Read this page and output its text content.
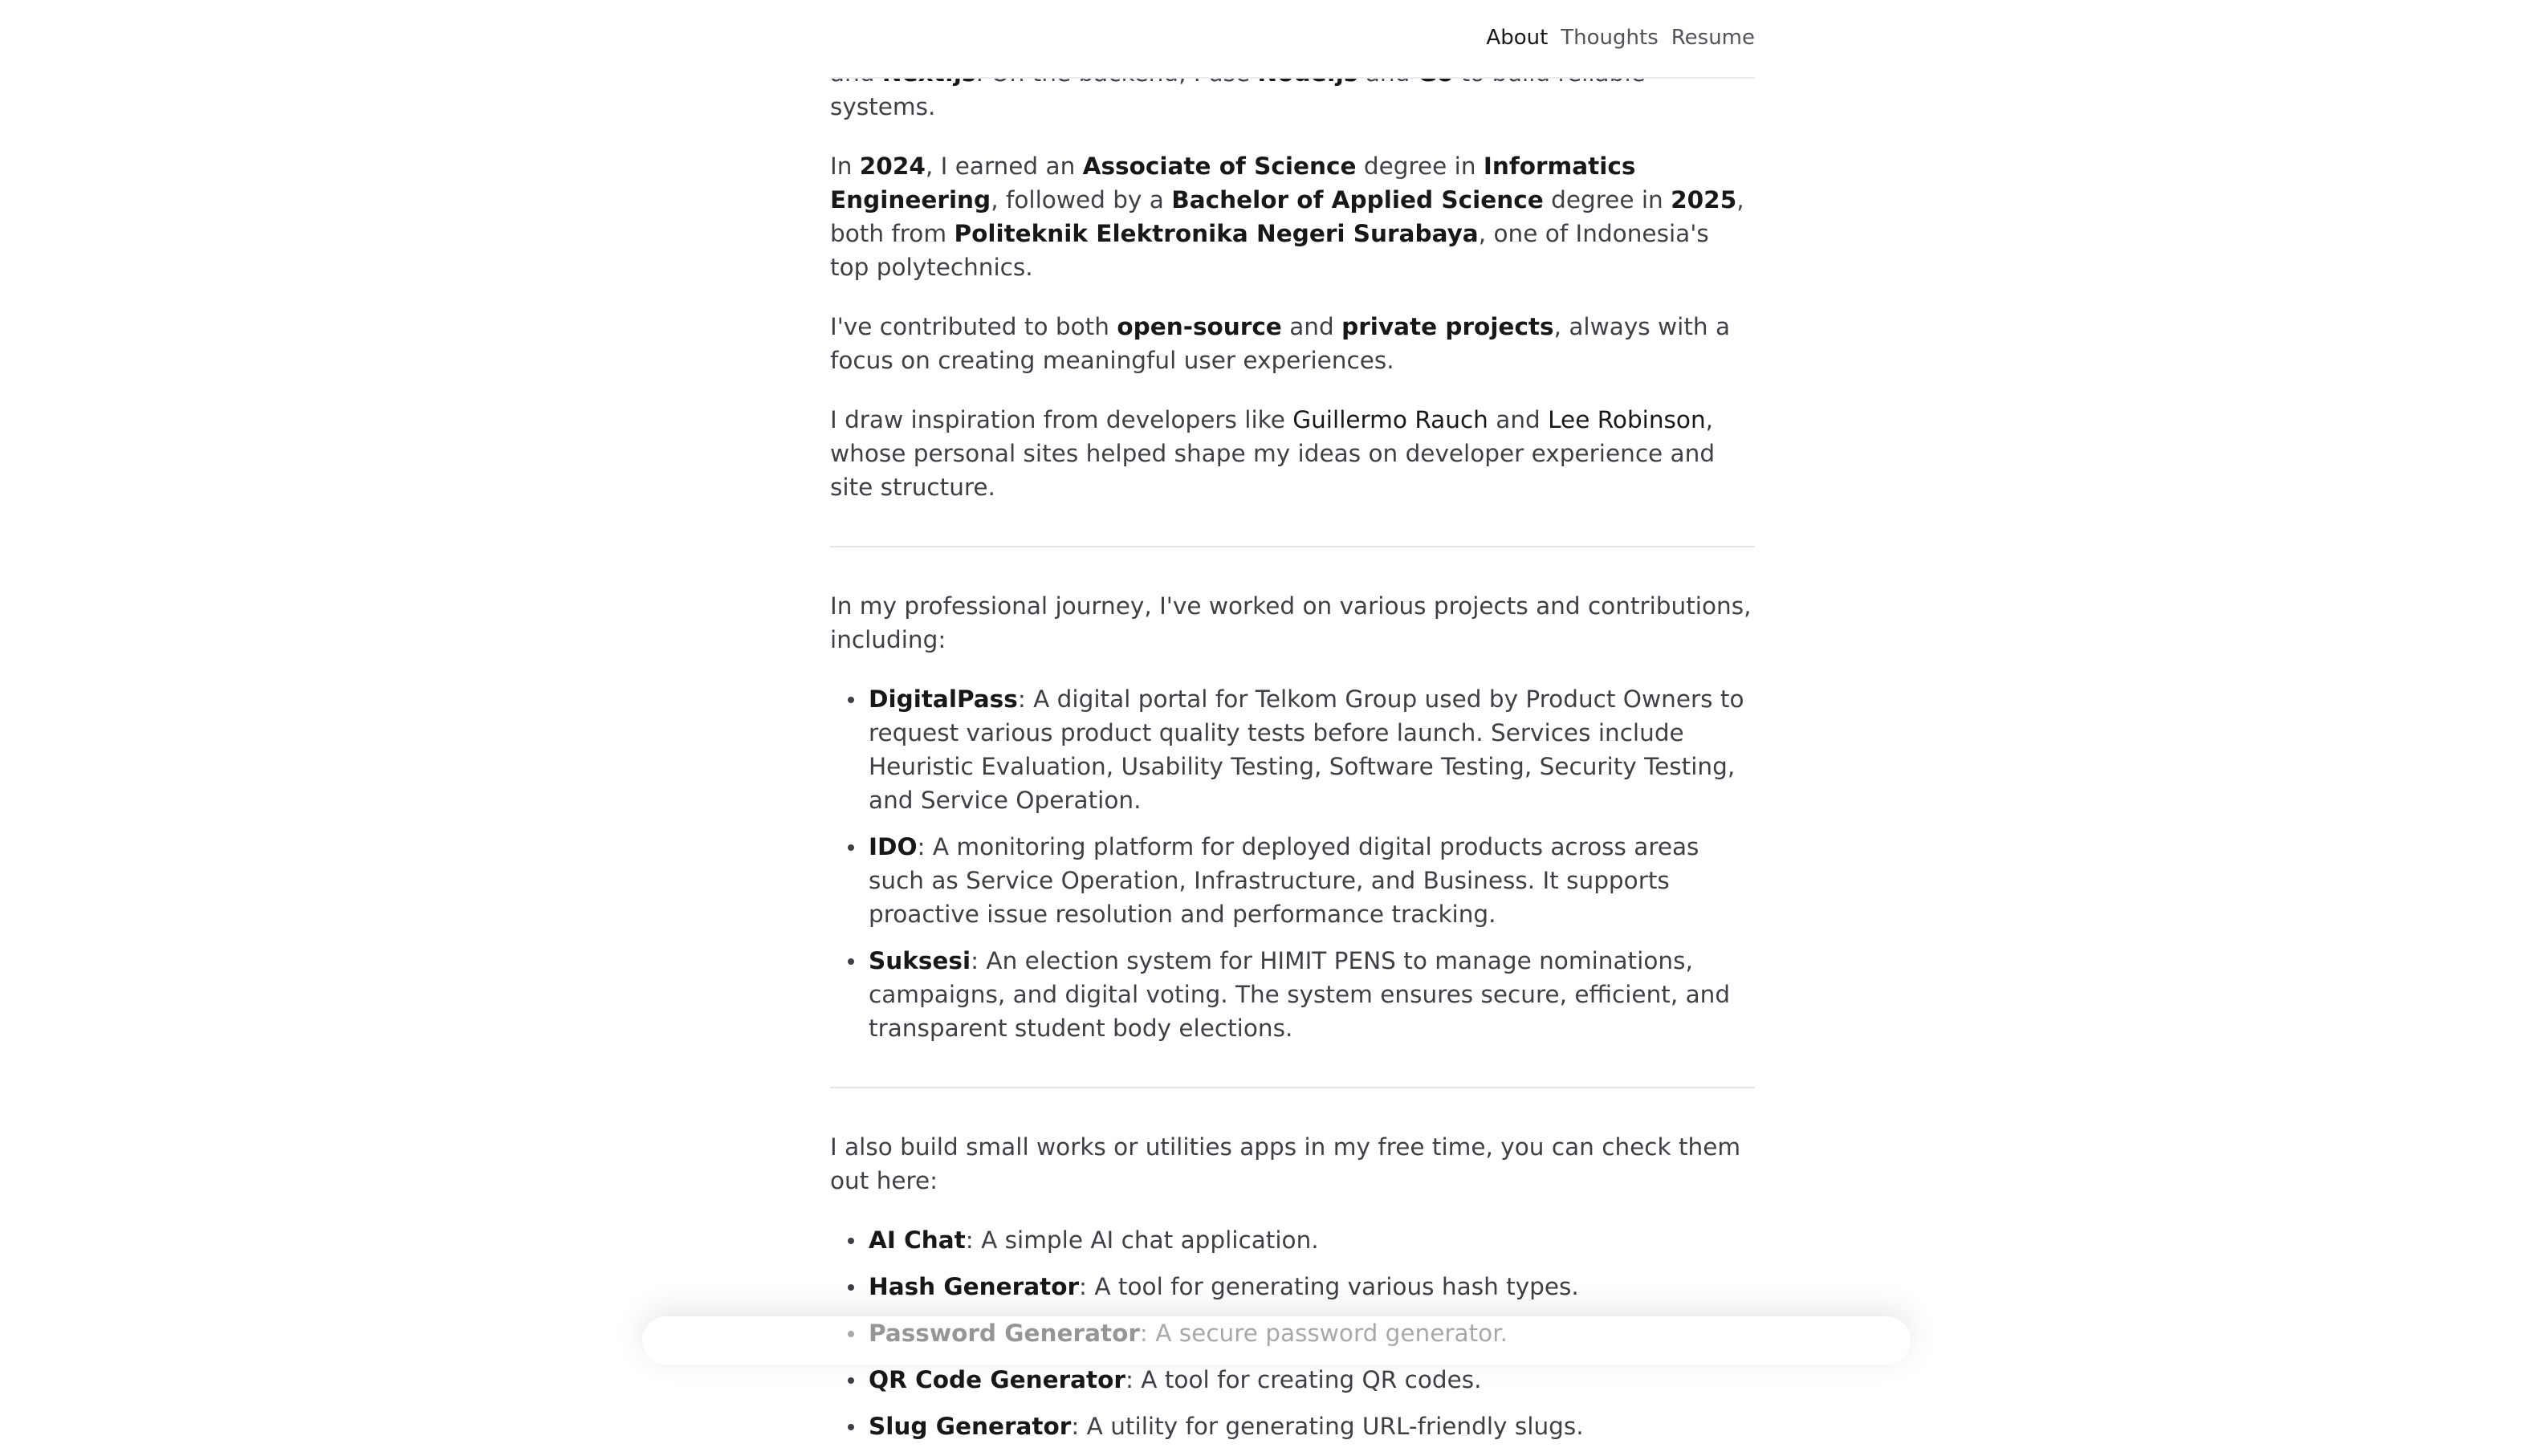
About Thoughts Resume

systems.

In 2024, I earned an Associate of Science degree in Informatics Engineering, followed by a Bachelor of Applied Science degree in 2025, both from Politeknik Elektronika Negeri Surabaya, one of Indonesia's top polytechnics.

I've contributed to both open-source and private projects, always with a focus on creating meaningful user experiences.

I draw inspiration from developers like Guillermo Rauch and Lee Robinson, whose personal sites helped shape my ideas on developer experience and site structure.

In my professional journey, I've worked on various projects and contributions, including:

DigitalPass: A digital portal for Telkom Group used by Product Owners to request various product quality tests before launch. Services include Heuristic Evaluation, Usability Testing, Software Testing, Security Testing, and Service Operation.
IDO: A monitoring platform for deployed digital products across areas such as Service Operation, Infrastructure, and Business. It supports proactive issue resolution and performance tracking.
Suksesi: An election system for HIMIT PENS to manage nominations, campaigns, and digital voting. The system ensures secure, efficient, and transparent student body elections.

I also build small works or utilities apps in my free time, you can check them out here:

AI Chat: A simple AI chat application.
Hash Generator: A tool for generating various hash types.
QR Code Generator: A tool for creating QR codes.
Slug Generator: A utility for generating URL-friendly slugs.
